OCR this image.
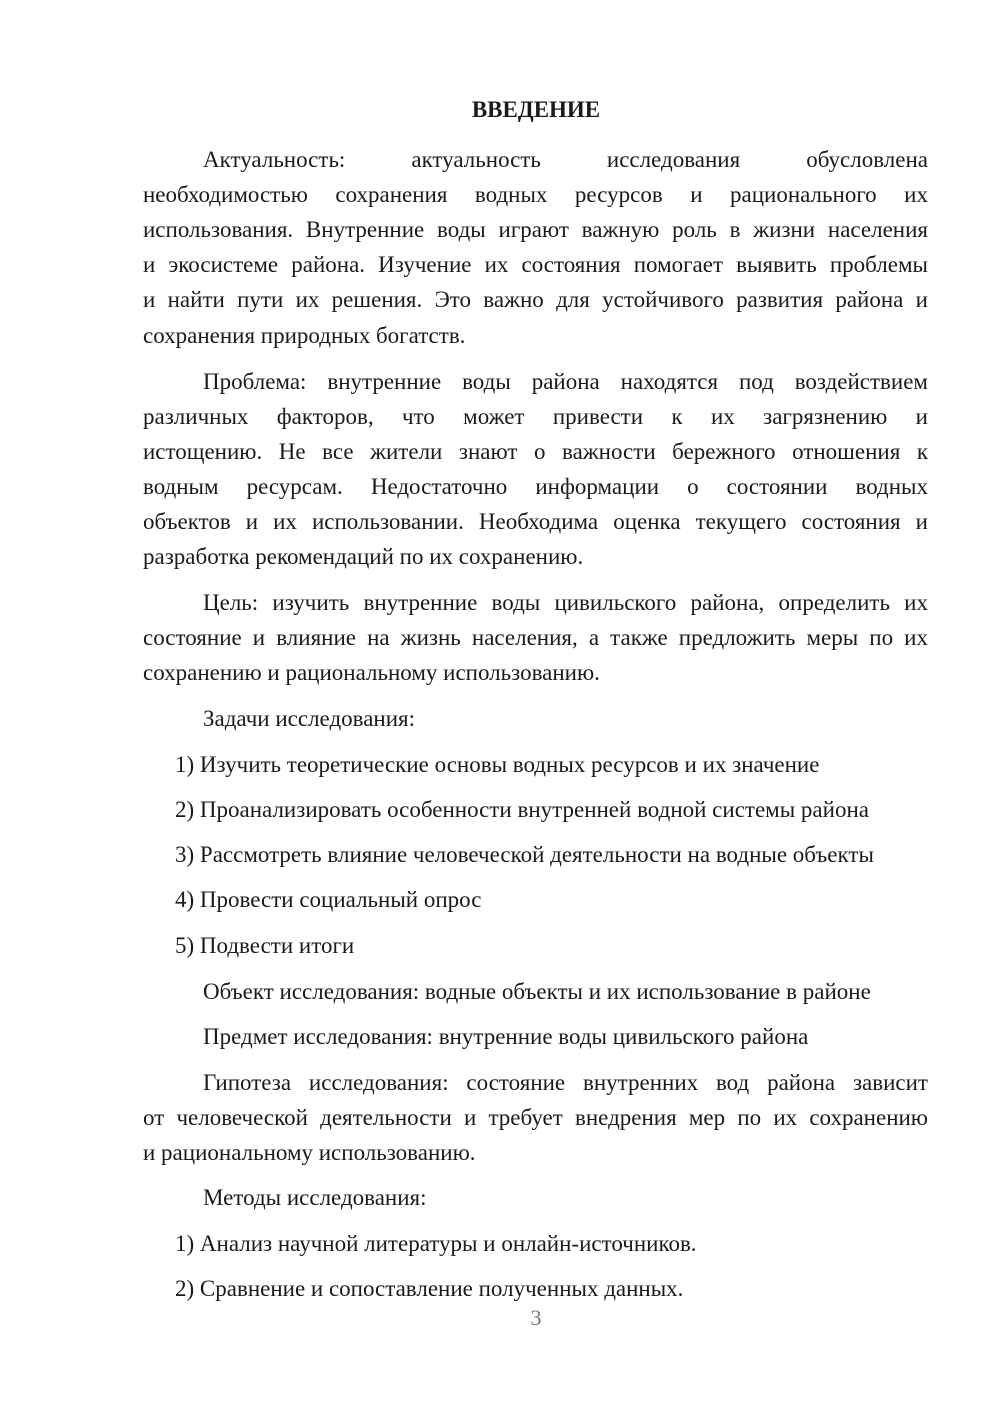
ВВЕДЕНИЕ
Актуальность: актуальность исследования обусловлена
необходимостью сохранения водных ресурсов и рационального их
использования. Внутренние воды играют важную роль в жизни населения
и экосистеме района. Изучение их состояния помогает выявить проблемы
и найти пути их решения. Это важно для устойчивого развития района и
сохранения природных богатств.
Проблема: внутренние воды района находятся под воздействием
различных факторов, что может привести к их загрязнению и
истощению. Не все жители знают о важности бережного отношения к
водным ресурсам. Недостаточно информации о состоянии водных
объектов и их использовании. Необходима оценка текущего состояния и
разработка рекомендаций по их сохранению.
Цель: изучить внутренние воды цивильского района, определить их
состояние и влияние на жизнь населения, а также предложить меры по их
сохранению и рациональному использованию.
Задачи исследования:
1) Изучить теоретические основы водных ресурсов и их значение
2) Проанализировать особенности внутренней водной системы района
3) Рассмотреть влияние человеческой деятельности на водные объекты
4) Провести социальный опрос
5) Подвести итоги
Объект исследования: водные объекты и их использование в районе
Предмет исследования: внутренние воды цивильского района
Гипотеза исследования: состояние внутренних вод района зависит
от человеческой деятельности и требует внедрения мер по их сохранению
и рациональному использованию.
Методы исследования:
1) Анализ научной литературы и онлайн-источников.
2) Сравнение и сопоставление полученных данных.
3
